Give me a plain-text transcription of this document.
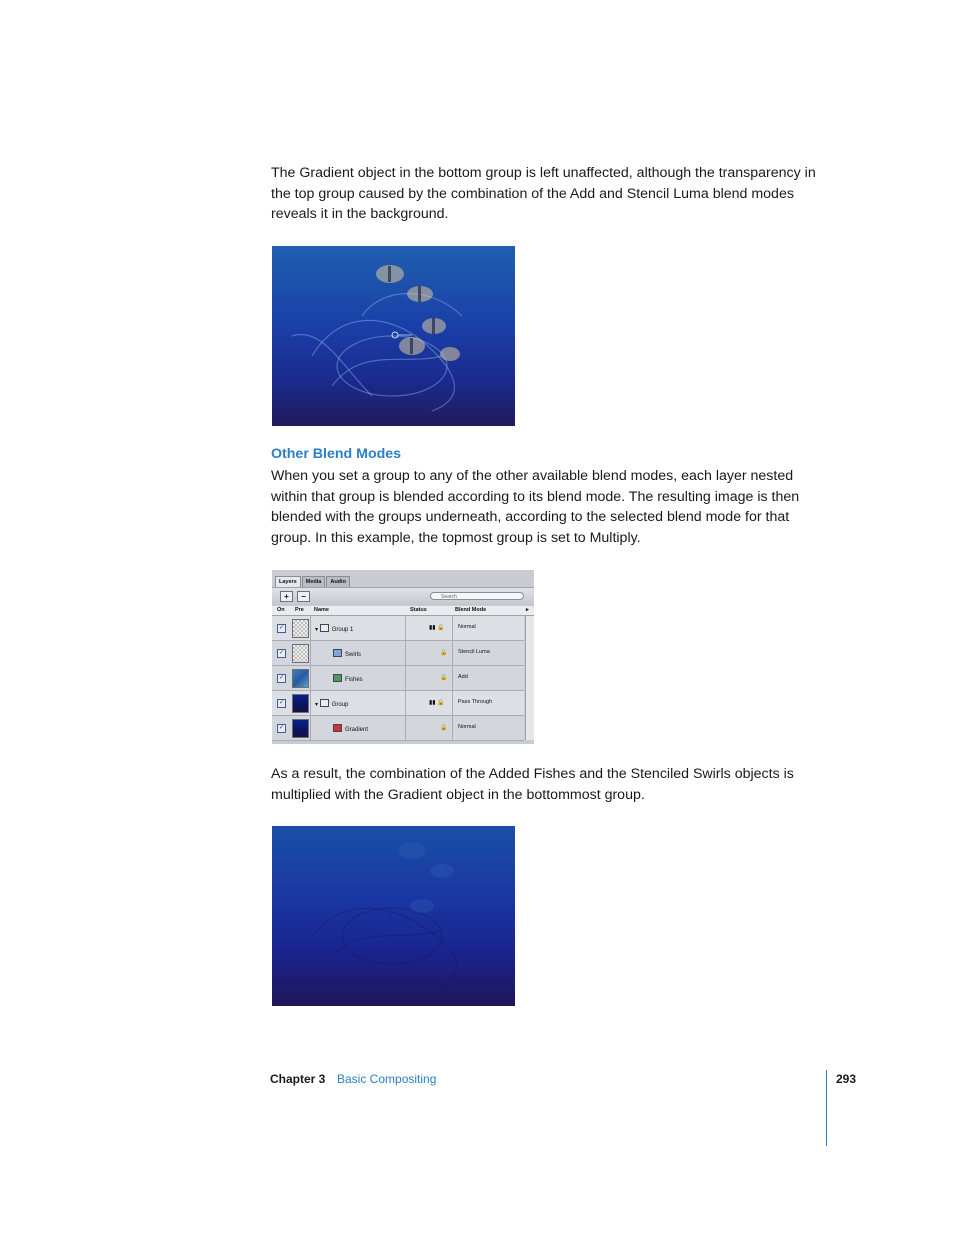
The Gradient object in the bottom group is left unaffected, although the transparency in the top group caused by the combination of the Add and Stencil Luma blend modes reveals it in the background.

Other Blend Modes

When you set a group to any of the other available blend modes, each layer nested within that group is blended according to its blend mode. The resulting image is then blended with the groups underneath, according to the selected blend mode for that group. In this example, the topmost group is set to Multiply.

Layers	Media	Audio
+	−	Search
On Pre Name	Status	Blend Mode	▸
✓	▾ Group 1	▮▮ 🔒 Normal
✓	Swirls	🔒 Stencil Luma
✓	Fishes	🔒 Add
✓	▾ Group	▮▮ 🔒 Pass Through
✓	Gradient	🔒 Normal

As a result, the combination of the Added Fishes and the Stenciled Swirls objects is multiplied with the Gradient object in the bottommost group.

Chapter 3 Basic Compositing	293
